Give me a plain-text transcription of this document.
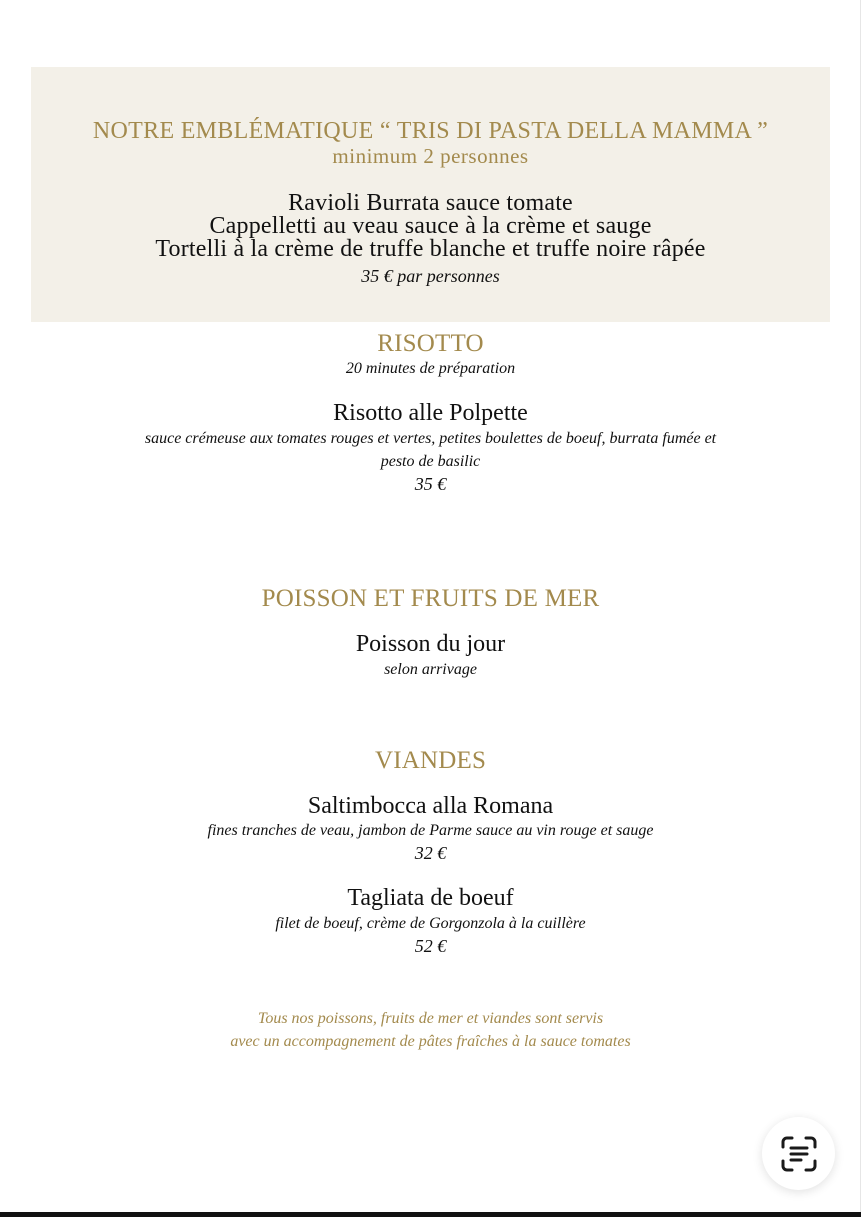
NOTRE EMBLÉMATIQUE “ TRIS DI PASTA DELLA MAMMA ”
minimum 2 personnes
Ravioli Burrata sauce tomate
Cappelletti au veau sauce à la crème et sauge
Tortelli à la crème de truffe blanche et truffe noire râpée
35 € par personnes
RISOTTO
20 minutes de préparation
Risotto alle Polpette
sauce crémeuse aux tomates rouges et vertes, petites boulettes de boeuf, burrata fumée et
pesto de basilic
35 €
POISSON ET FRUITS DE MER
Poisson du jour
selon arrivage
VIANDES
Saltimbocca alla Romana
fines tranches de veau, jambon de Parme sauce au vin rouge et sauge
32 €
Tagliata de boeuf
filet de boeuf, crème de Gorgonzola à la cuillère
52 €
Tous nos poissons, fruits de mer et viandes sont servis
avec un accompagnement de pâtes fraîches à la sauce tomates
